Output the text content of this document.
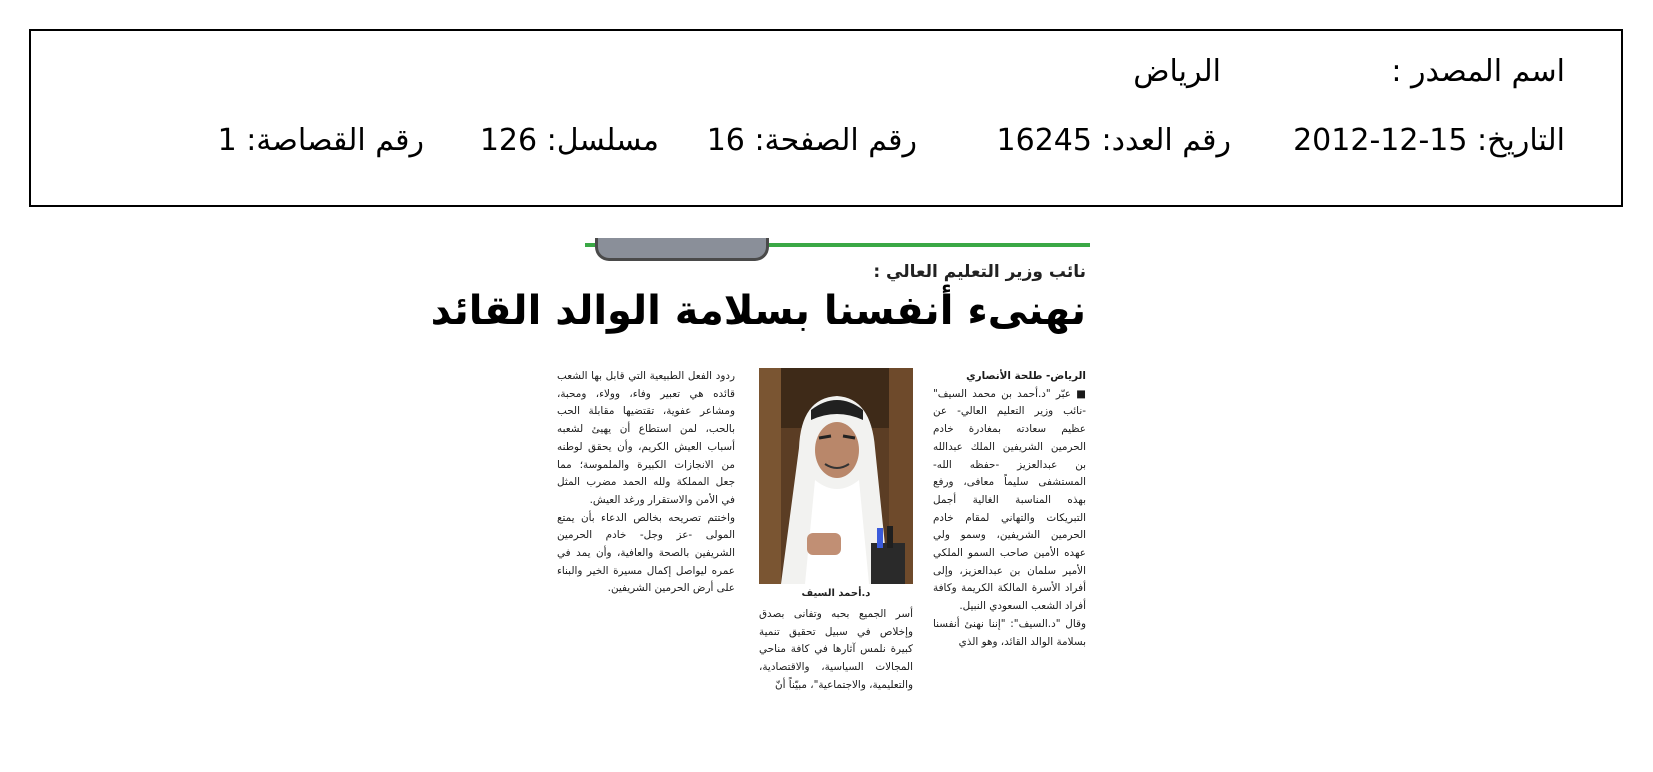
اسم المصدر :
الرياض
التاريخ: 15-12-2012
رقم العدد: 16245
رقم الصفحة: 16
مسلسل: 126
رقم القصاصة: 1
نائب وزير التعليم العالي :
نهنىء أنفسنا بسلامة الوالد القائد

الرياض- طلحة الأنصاري

■ عبّر "د.أحمد بن محمد السيف" -نائب وزير التعليم العالي- عن عظيم سعادته بمغادرة خادم الحرمين الشريفين الملك عبدالله بن عبدالعزيز -حفظه الله- المستشفى سليماً معافى، ورفع بهذه المناسبة الغالية أجمل التبريكات والتهاني لمقام خادم الحرمين الشريفين، وسمو ولي عهده الأمين صاحب السمو الملكي الأمير سلمان بن عبدالعزيز، وإلى أفراد الأسرة المالكة الكريمة وكافة أفراد الشعب السعودي النبيل.

وقال "د.السيف": "إننا نهنئ أنفسنا بسلامة الوالد القائد، وهو الذي

د.أحمد السيف

أسر الجميع بحبه وتفانى بصدق وإخلاص في سبيل تحقيق تنمية كبيرة نلمس آثارها في كافة مناحي المجالات السياسية، والاقتصادية، والتعليمية، والاجتماعية"، مبيّناً أنّ

ردود الفعل الطبيعية التي قابل بها الشعب قائده هي تعبير وفاء، وولاء، ومحبة، ومشاعر عفوية، تقتضيها مقابلة الحب بالحب، لمن استطاع أن يهيئ لشعبه أسباب العيش الكريم، وأن يحقق لوطنه من الانجازات الكبيرة والملموسة؛ مما جعل المملكة ولله الحمد مضرب المثل في الأمن والاستقرار ورغد العيش.

واختتم تصريحه بخالص الدعاء بأن يمتع المولى -عز وجل- خادم الحرمين الشريفين بالصحة والعافية، وأن يمد في عمره ليواصل إكمال مسيرة الخير والبناء على أرض الحرمين الشريفين.
